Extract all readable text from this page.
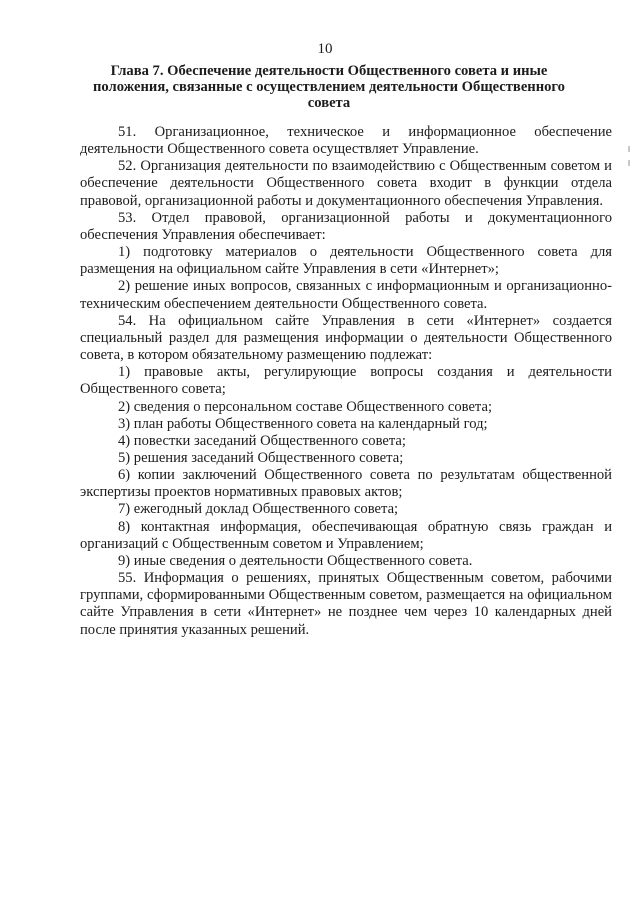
10
Глава 7. Обеспечение деятельности Общественного совета и иные положения, связанные с осуществлением деятельности Общественного совета

51. Организационное, техническое и информационное обеспечение деятельности Общественного совета осуществляет Управление.

52. Организация деятельности по взаимодействию с Общественным советом и обеспечение деятельности Общественного совета входит в функции отдела правовой, организационной работы и документационного обеспечения Управления.

53. Отдел правовой, организационной работы и документационного обеспечения Управления обеспечивает:

1) подготовку материалов о деятельности Общественного совета для размещения на официальном сайте Управления в сети «Интернет»;

2) решение иных вопросов, связанных с информационным и организационно-техническим обеспечением деятельности Общественного совета.

54. На официальном сайте Управления в сети «Интернет» создается специальный раздел для размещения информации о деятельности Общественного совета, в котором обязательному размещению подлежат:

1) правовые акты, регулирующие вопросы создания и деятельности Общественного совета;

2) сведения о персональном составе Общественного совета;

3) план работы Общественного совета на календарный год;

4) повестки заседаний Общественного совета;

5) решения заседаний Общественного совета;

6) копии заключений Общественного совета по результатам общественной экспертизы проектов нормативных правовых актов;

7) ежегодный доклад Общественного совета;

8) контактная информация, обеспечивающая обратную связь граждан и организаций с Общественным советом и Управлением;

9) иные сведения о деятельности Общественного совета.

55. Информация о решениях, принятых Общественным советом, рабочими группами, сформированными Общественным советом, размещается на официальном сайте Управления в сети «Интернет» не позднее чем через 10 календарных дней после принятия указанных решений.
